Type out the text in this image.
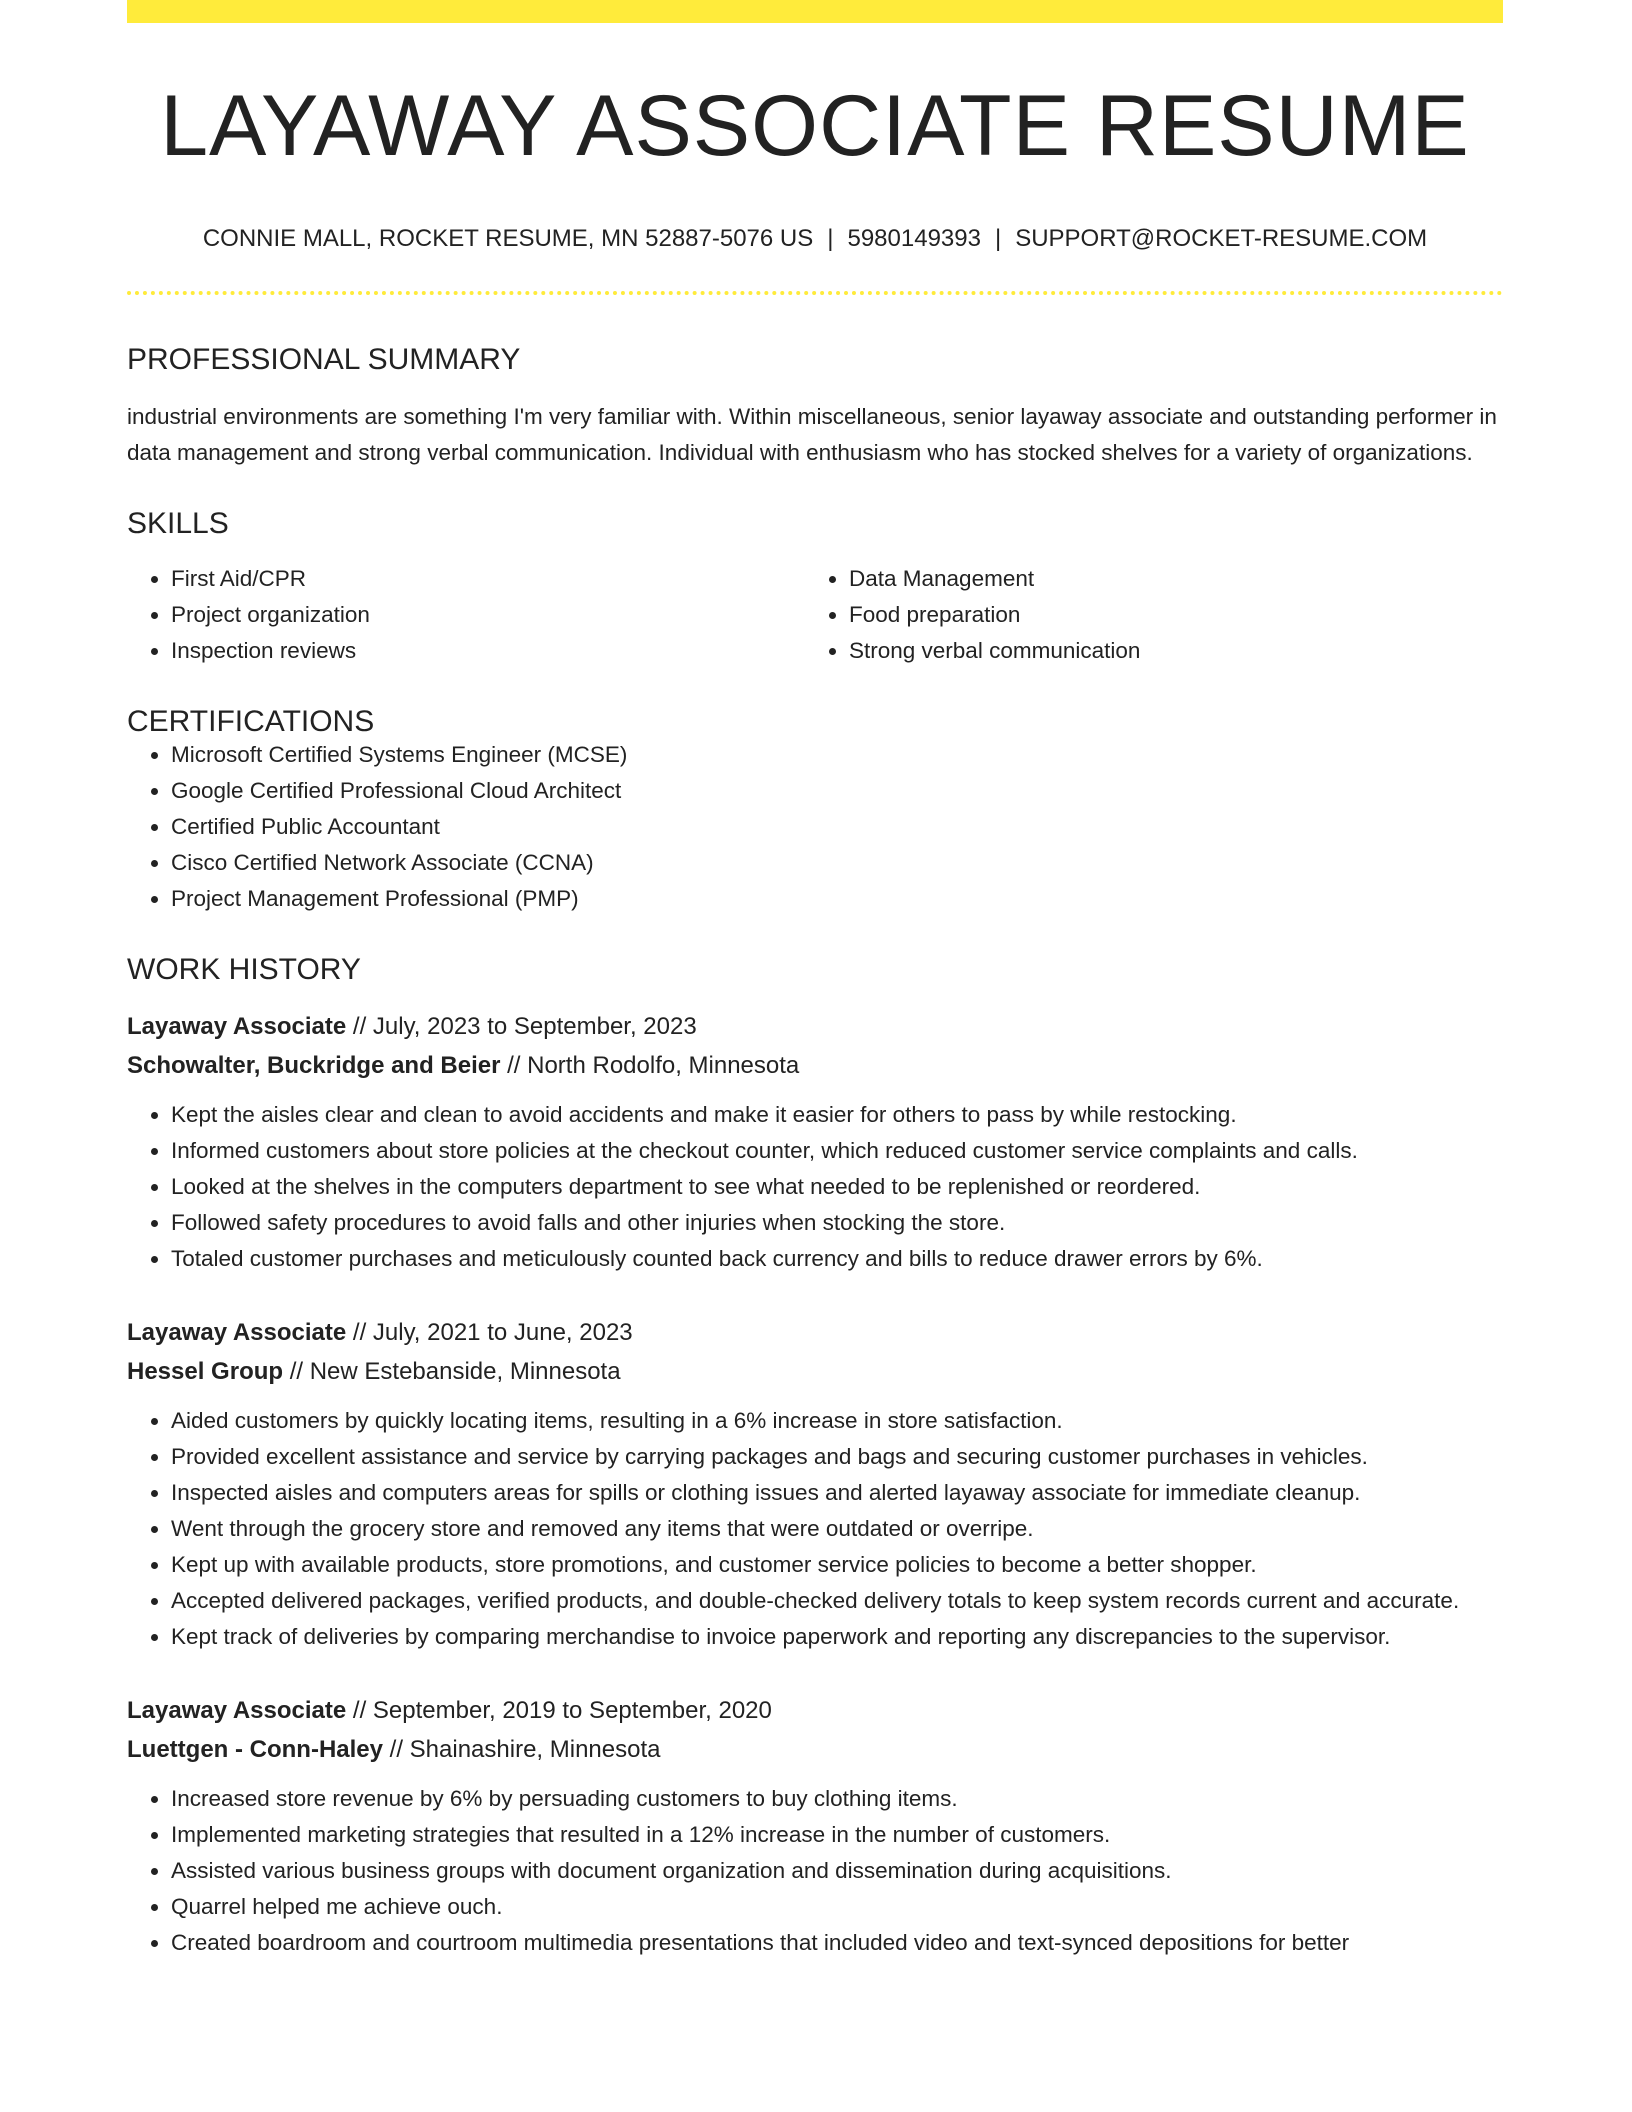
LAYAWAY ASSOCIATE RESUME
CONNIE MALL, ROCKET RESUME, MN 52887-5076 US | 5980149393 | SUPPORT@ROCKET-RESUME.COM
PROFESSIONAL SUMMARY
industrial environments are something I'm very familiar with. Within miscellaneous, senior layaway associate and outstanding performer in data management and strong verbal communication. Individual with enthusiasm who has stocked shelves for a variety of organizations.
SKILLS
• First Aid/CPR
• Project organization
• Inspection reviews
• Data Management
• Food preparation
• Strong verbal communication
CERTIFICATIONS
• Microsoft Certified Systems Engineer (MCSE)
• Google Certified Professional Cloud Architect
• Certified Public Accountant
• Cisco Certified Network Associate (CCNA)
• Project Management Professional (PMP)
WORK HISTORY
Layaway Associate // July, 2023 to September, 2023
Schowalter, Buckridge and Beier // North Rodolfo, Minnesota
• Kept the aisles clear and clean to avoid accidents and make it easier for others to pass by while restocking.
• Informed customers about store policies at the checkout counter, which reduced customer service complaints and calls.
• Looked at the shelves in the computers department to see what needed to be replenished or reordered.
• Followed safety procedures to avoid falls and other injuries when stocking the store.
• Totaled customer purchases and meticulously counted back currency and bills to reduce drawer errors by 6%.
Layaway Associate // July, 2021 to June, 2023
Hessel Group // New Estebanside, Minnesota
• Aided customers by quickly locating items, resulting in a 6% increase in store satisfaction.
• Provided excellent assistance and service by carrying packages and bags and securing customer purchases in vehicles.
• Inspected aisles and computers areas for spills or clothing issues and alerted layaway associate for immediate cleanup.
• Went through the grocery store and removed any items that were outdated or overripe.
• Kept up with available products, store promotions, and customer service policies to become a better shopper.
• Accepted delivered packages, verified products, and double-checked delivery totals to keep system records current and accurate.
• Kept track of deliveries by comparing merchandise to invoice paperwork and reporting any discrepancies to the supervisor.
Layaway Associate // September, 2019 to September, 2020
Luettgen - Conn-Haley // Shainashire, Minnesota
• Increased store revenue by 6% by persuading customers to buy clothing items.
• Implemented marketing strategies that resulted in a 12% increase in the number of customers.
• Assisted various business groups with document organization and dissemination during acquisitions.
• Quarrel helped me achieve ouch.
• Created boardroom and courtroom multimedia presentations that included video and text-synced depositions for better
